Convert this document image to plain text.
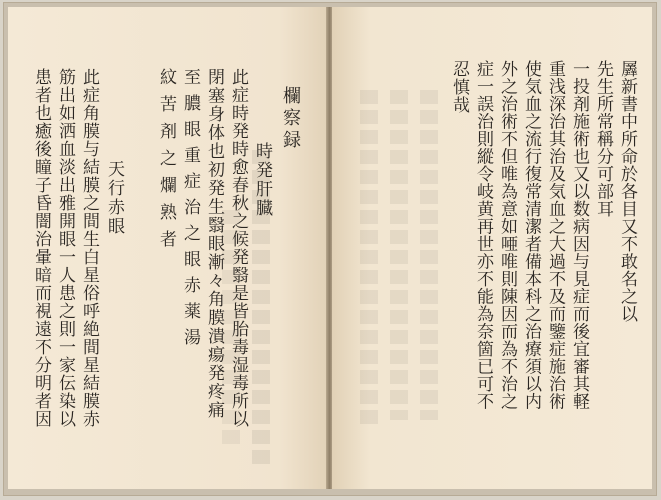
欄察録
時発肝臓
此症時発時愈春秋之候発翳是皆胎毒湿毒所以
閉塞身体也初発生翳眼漸々角膜潰瘍発疼痛
至膿眼重症治之眼赤薬湯
紋苦剤之爛熟者
天行赤眼
此症角膜与結膜之間生白星俗呼絶間星結膜赤
筋出如洒血淡出雅開眼一人患之則一家伝染以
患者也癒後瞳子昏闇治暈暗而視遠不分明者因	羼新書中所命於各目又不敢名之以
先生所常稱分可部耳
一投剤施術也又以数病因与見症而後宜審其軽
重浅深治其治及気血之大過不及而鑒症施治術
使気血之流行復常清潔者備本科之治療須以内
外之治術不但唯為意如唖唯則陳因而為不治之
症一誤治則縱令岐黄再世亦不能為奈箇已可不
忍慎哉
